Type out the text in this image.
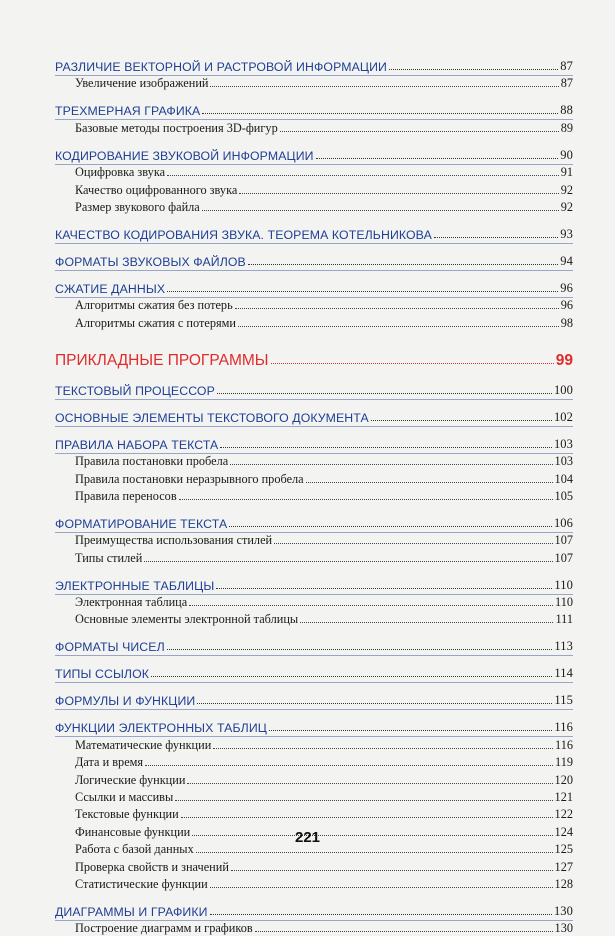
РАЗЛИЧИЕ ВЕКТОРНОЙ И РАСТРОВОЙ ИНФОРМАЦИИ	87
Увеличение изображений	87
ТРЕХМЕРНАЯ ГРАФИКА	88
Базовые методы построения 3D-фигур	89
КОДИРОВАНИЕ ЗВУКОВОЙ ИНФОРМАЦИИ	90
Оцифровка звука	91
Качество оцифрованного звука	92
Размер звукового файла	92
КАЧЕСТВО КОДИРОВАНИЯ ЗВУКА. ТЕОРЕМА КОТЕЛЬНИКОВА	93
ФОРМАТЫ ЗВУКОВЫХ ФАЙЛОВ	94
СЖАТИЕ ДАННЫХ	96
Алгоритмы сжатия без потерь	96
Алгоритмы сжатия с потерями	98
ПРИКЛАДНЫЕ ПРОГРАММЫ	99
ТЕКСТОВЫЙ ПРОЦЕССОР	100
ОСНОВНЫЕ ЭЛЕМЕНТЫ ТЕКСТОВОГО ДОКУМЕНТА	102
ПРАВИЛА НАБОРА ТЕКСТА	103
Правила постановки пробела	103
Правила постановки неразрывного пробела	104
Правила переносов	105
ФОРМАТИРОВАНИЕ ТЕКСТА	106
Преимущества использования стилей	107
Типы стилей	107
ЭЛЕКТРОННЫЕ ТАБЛИЦЫ	110
Электронная таблица	110
Основные элементы электронной таблицы	111
ФОРМАТЫ ЧИСЕЛ	113
ТИПЫ ССЫЛОК	114
ФОРМУЛЫ И ФУНКЦИИ	115
ФУНКЦИИ ЭЛЕКТРОННЫХ ТАБЛИЦ	116
Математические функции	116
Дата и время	119
Логические функции	120
Ссылки и массивы	121
Текстовые функции	122
Финансовые функции	124
Работа с базой данных	125
Проверка свойств и значений	127
Статистические функции	128
ДИАГРАММЫ И ГРАФИКИ	130
Построение диаграмм и графиков	130
221
